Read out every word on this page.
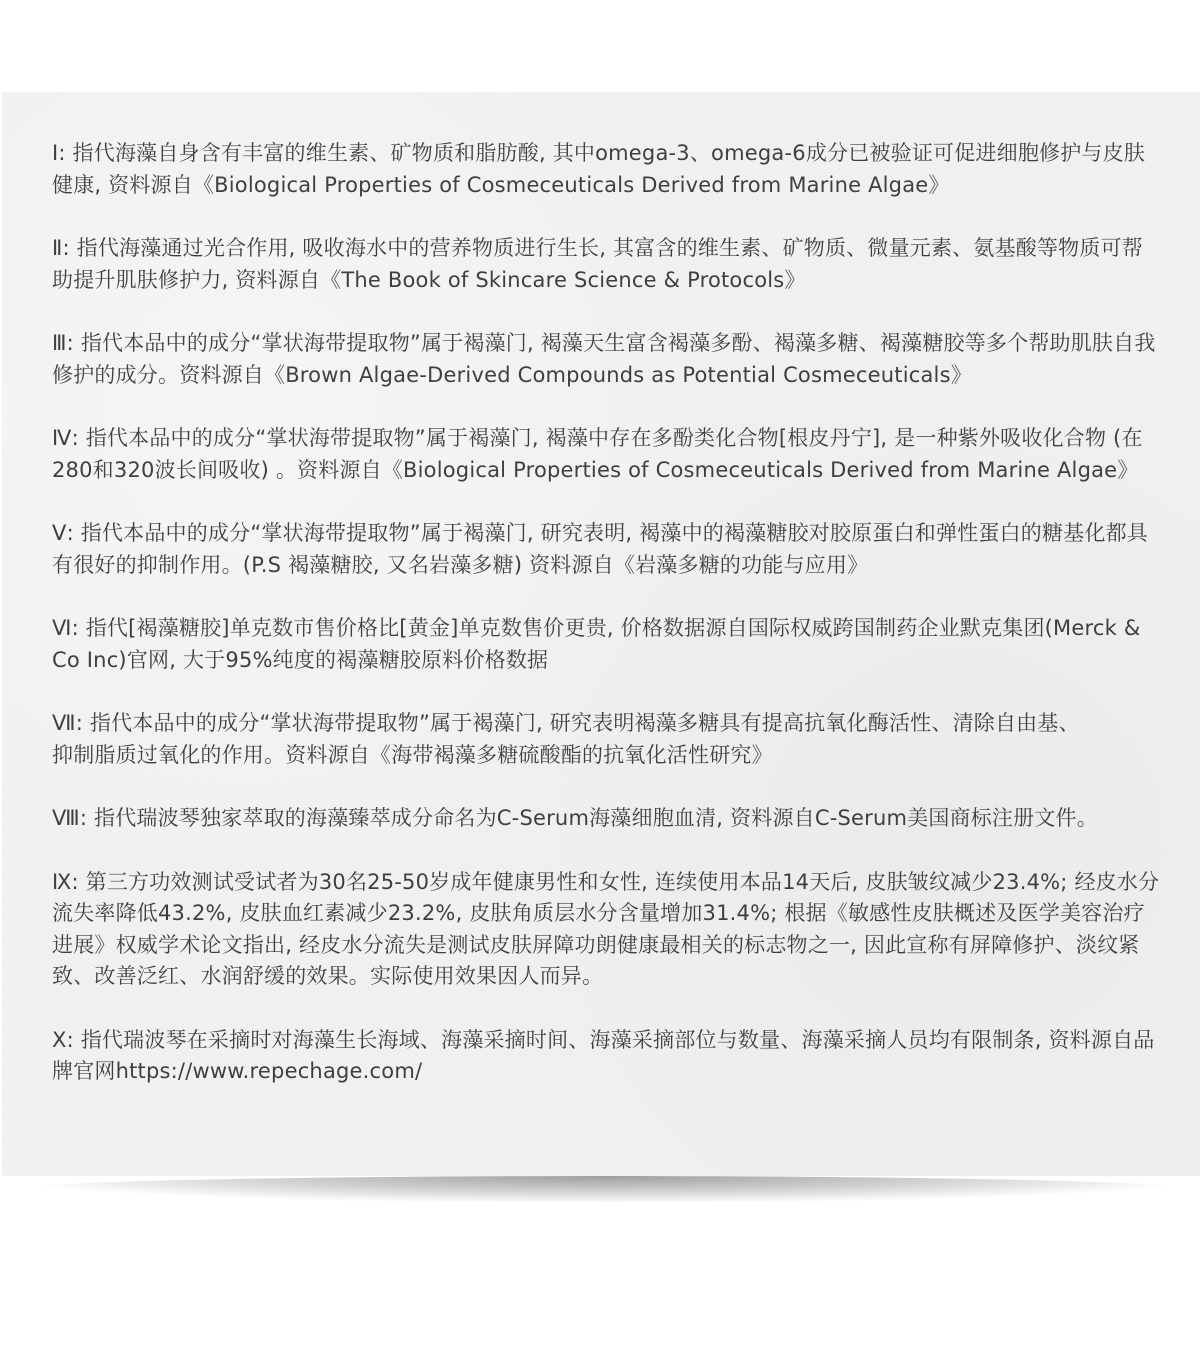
Ⅰ: 指代海藻自身含有丰富的维生素、矿物质和脂肪酸, 其中omega-3、omega-6成分已被验证可促进细胞修护与皮肤健康, 资料源自《Biological Properties of Cosmeceuticals Derived from Marine Algae》

Ⅱ: 指代海藻通过光合作用, 吸收海水中的营养物质进行生长, 其富含的维生素、矿物质、微量元素、氨基酸等物质可帮助提升肌肤修护力, 资料源自《The Book of Skincare Science & Protocols》

Ⅲ: 指代本品中的成分“掌状海带提取物”属于褐藻门, 褐藻天生富含褐藻多酚、褐藻多糖、褐藻糖胶等多个帮助肌肤自我修护的成分。资料源自《Brown Algae-Derived Compounds as Potential Cosmeceuticals》

Ⅳ: 指代本品中的成分“掌状海带提取物”属于褐藻门, 褐藻中存在多酚类化合物[根皮丹宁], 是一种紫外吸收化合物 (在280和320波长间吸收) 。资料源自《Biological Properties of Cosmeceuticals Derived from Marine Algae》

Ⅴ: 指代本品中的成分“掌状海带提取物”属于褐藻门, 研究表明, 褐藻中的褐藻糖胶对胶原蛋白和弹性蛋白的糖基化都具有很好的抑制作用。(P.S 褐藻糖胶, 又名岩藻多糖) 资料源自《岩藻多糖的功能与应用》

Ⅵ: 指代[褐藻糖胶]单克数市售价格比[黄金]单克数售价更贵, 价格数据源自国际权威跨国制药企业默克集团(Merck & Co Inc)官网, 大于95%纯度的褐藻糖胶原料价格数据

Ⅶ: 指代本品中的成分“掌状海带提取物”属于褐藻门, 研究表明褐藻多糖具有提高抗氧化酶活性、清除自由基、
抑制脂质过氧化的作用。资料源自《海带褐藻多糖硫酸酯的抗氧化活性研究》

Ⅷ: 指代瑞波琴独家萃取的海藻臻萃成分命名为C-Serum海藻细胞血清, 资料源自C-Serum美国商标注册文件。

Ⅸ: 第三方功效测试受试者为30名25-50岁成年健康男性和女性, 连续使用本品14天后, 皮肤皱纹减少23.4%; 经皮水分流失率降低43.2%, 皮肤血红素减少23.2%, 皮肤角质层水分含量增加31.4%; 根据《敏感性皮肤概述及医学美容治疗进展》权威学术论文指出, 经皮水分流失是测试皮肤屏障功朗健康最相关的标志物之一, 因此宣称有屏障修护、淡纹紧致、改善泛红、水润舒缓的效果。实际使用效果因人而异。

Ⅹ: 指代瑞波琴在采摘时对海藻生长海域、海藻采摘时间、海藻采摘部位与数量、海藻采摘人员均有限制条, 资料源自品牌官网https://www.repechage.com/
